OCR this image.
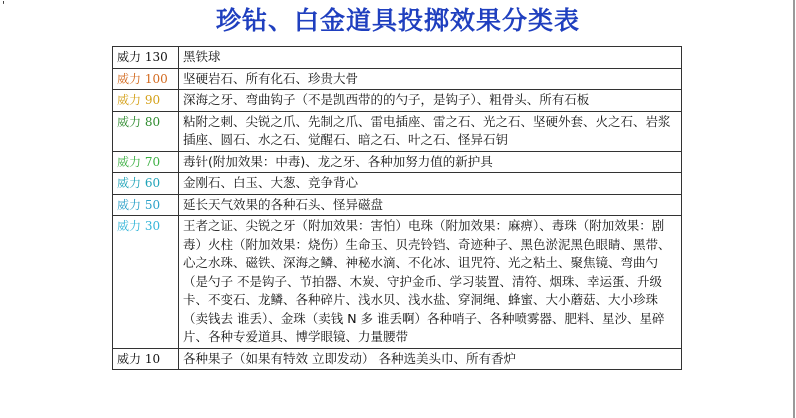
'
珍钻、白金道具投掷效果分类表
威力 130	黑铁球
威力 100	坚硬岩石、所有化石、珍贵大骨
威力 90	深海之牙、弯曲钩子（不是凯西带的的勺子，是钩子）、粗骨头、所有石板
威力 80	粘附之刺、尖锐之爪、先制之爪、雷电插座、雷之石、光之石、坚硬外套、火之石、岩浆插座、圆石、水之石、觉醒石、暗之石、叶之石、怪异石钥
威力 70	毒针(附加效果：中毒)、龙之牙、各种加努力值的新护具
威力 60	金刚石、白玉、大葱、竞争背心
威力 50	延长天气效果的各种石头、怪异磁盘
威力 30	王者之证、尖锐之牙（附加效果：害怕）电珠（附加效果：麻痹）、毒珠（附加效果：剧毒）火柱（附加效果：烧伤）生命玉、贝壳铃铛、奇迹种子、黑色淤泥黑色眼睛、黑带、心之水珠、磁铁、深海之鳞、神秘水滴、不化冰、诅咒符、光之粘土、聚焦镜、弯曲勺（是勺子 不是钩子、节拍器、木炭、守护金币、学习装置、清符、烟珠、幸运蛋、升级卡、不变石、龙鳞、各种碎片、浅水贝、浅水盐、穿洞绳、蜂蜜、大小蘑菇、大小珍珠（卖钱去 谁丢）、金珠（卖钱 N 多 谁丢啊）各种哨子、各种喷雾器、肥料、星沙、星碎片、各种专爱道具、博学眼镜、力量腰带
威力 10	各种果子（如果有特效 立即发动） 各种选美头巾、所有香炉
